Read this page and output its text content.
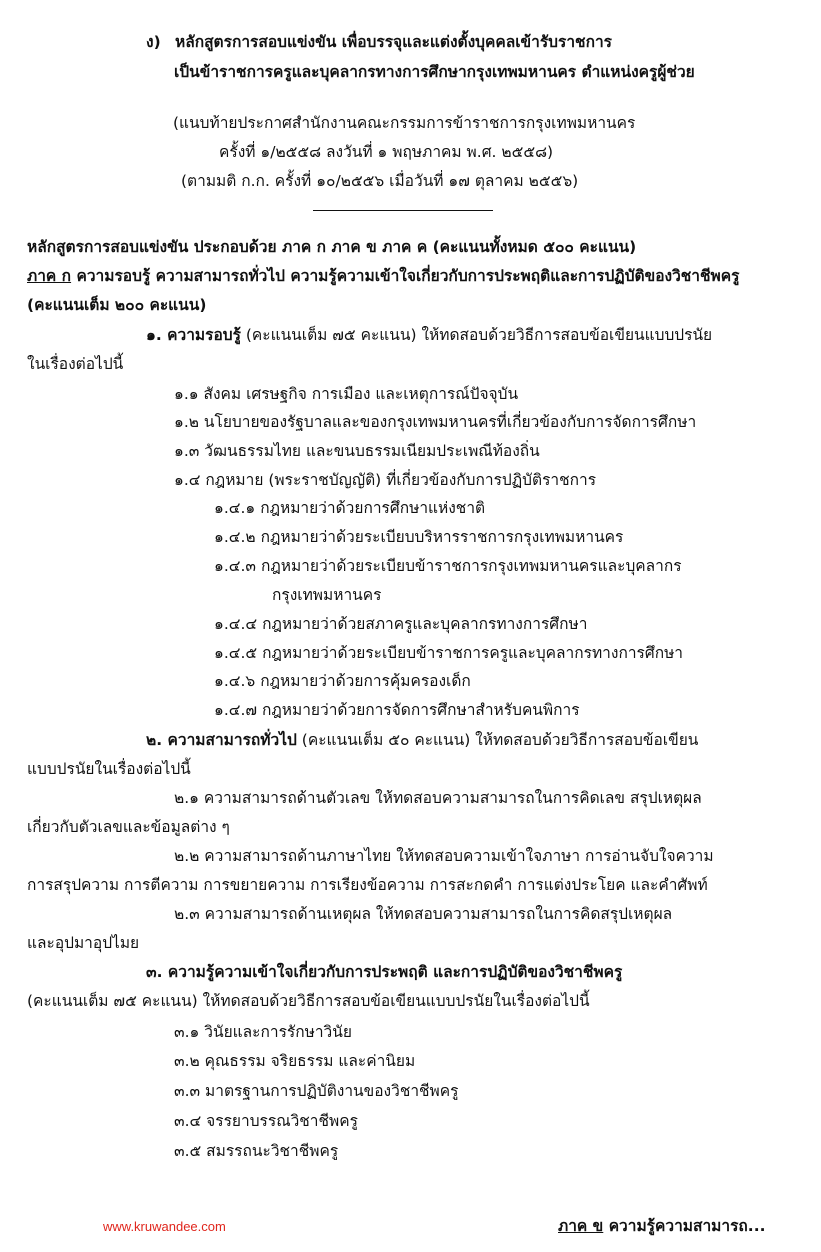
ง) หลักสูตรการสอบแข่งขัน เพื่อบรรจุและแต่งตั้งบุคคลเข้ารับราชการ
เป็นข้าราชการครูและบุคลากรทางการศึกษากรุงเทพมหานคร ตำแหน่งครูผู้ช่วย
(แนบท้ายประกาศสำนักงานคณะกรรมการข้าราชการกรุงเทพมหานคร
ครั้งที่ ๑/๒๕๕๘ ลงวันที่ ๑ พฤษภาคม พ.ศ. ๒๕๕๘)
(ตามมติ ก.ก. ครั้งที่ ๑๐/๒๕๕๖ เมื่อวันที่ ๑๗ ตุลาคม ๒๕๕๖)
หลักสูตรการสอบแข่งขัน ประกอบด้วย ภาค ก ภาค ข ภาค ค (คะแนนทั้งหมด ๕๐๐ คะแนน)
ภาค ก ความรอบรู้ ความสามารถทั่วไป ความรู้ความเข้าใจเกี่ยวกับการประพฤติและการปฏิบัติของวิชาชีพครู
(คะแนนเต็ม ๒๐๐ คะแนน)
๑. ความรอบรู้ (คะแนนเต็ม ๗๕ คะแนน) ให้ทดสอบด้วยวิธีการสอบข้อเขียนแบบปรนัย
ในเรื่องต่อไปนี้
๑.๑ สังคม เศรษฐกิจ การเมือง และเหตุการณ์ปัจจุบัน
๑.๒ นโยบายของรัฐบาลและของกรุงเทพมหานครที่เกี่ยวข้องกับการจัดการศึกษา
๑.๓ วัฒนธรรมไทย และขนบธรรมเนียมประเพณีท้องถิ่น
๑.๔ กฎหมาย (พระราชบัญญัติ) ที่เกี่ยวข้องกับการปฏิบัติราชการ
๑.๔.๑ กฎหมายว่าด้วยการศึกษาแห่งชาติ
๑.๔.๒ กฎหมายว่าด้วยระเบียบบริหารราชการกรุงเทพมหานคร
๑.๔.๓ กฎหมายว่าด้วยระเบียบข้าราชการกรุงเทพมหานครและบุคลากร
กรุงเทพมหานคร
๑.๔.๔ กฎหมายว่าด้วยสภาครูและบุคลากรทางการศึกษา
๑.๔.๕ กฎหมายว่าด้วยระเบียบข้าราชการครูและบุคลากรทางการศึกษา
๑.๔.๖ กฎหมายว่าด้วยการคุ้มครองเด็ก
๑.๔.๗ กฎหมายว่าด้วยการจัดการศึกษาสำหรับคนพิการ
๒. ความสามารถทั่วไป (คะแนนเต็ม ๕๐ คะแนน) ให้ทดสอบด้วยวิธีการสอบข้อเขียน
แบบปรนัยในเรื่องต่อไปนี้
๒.๑ ความสามารถด้านตัวเลข ให้ทดสอบความสามารถในการคิดเลข สรุปเหตุผล
เกี่ยวกับตัวเลขและข้อมูลต่าง ๆ
๒.๒ ความสามารถด้านภาษาไทย ให้ทดสอบความเข้าใจภาษา การอ่านจับใจความ
การสรุปความ การตีความ การขยายความ การเรียงข้อความ การสะกดคำ การแต่งประโยค และคำศัพท์
๒.๓ ความสามารถด้านเหตุผล ให้ทดสอบความสามารถในการคิดสรุปเหตุผล
และอุปมาอุปไมย
๓. ความรู้ความเข้าใจเกี่ยวกับการประพฤติ และการปฏิบัติของวิชาชีพครู
(คะแนนเต็ม ๗๕ คะแนน) ให้ทดสอบด้วยวิธีการสอบข้อเขียนแบบปรนัยในเรื่องต่อไปนี้
๓.๑ วินัยและการรักษาวินัย
๓.๒ คุณธรรม จริยธรรม และค่านิยม
๓.๓ มาตรฐานการปฏิบัติงานของวิชาชีพครู
๓.๔ จรรยาบรรณวิชาชีพครู
๓.๕ สมรรถนะวิชาชีพครู
www.kruwandee.com	ภาค ข ความรู้ความสามารถ...
